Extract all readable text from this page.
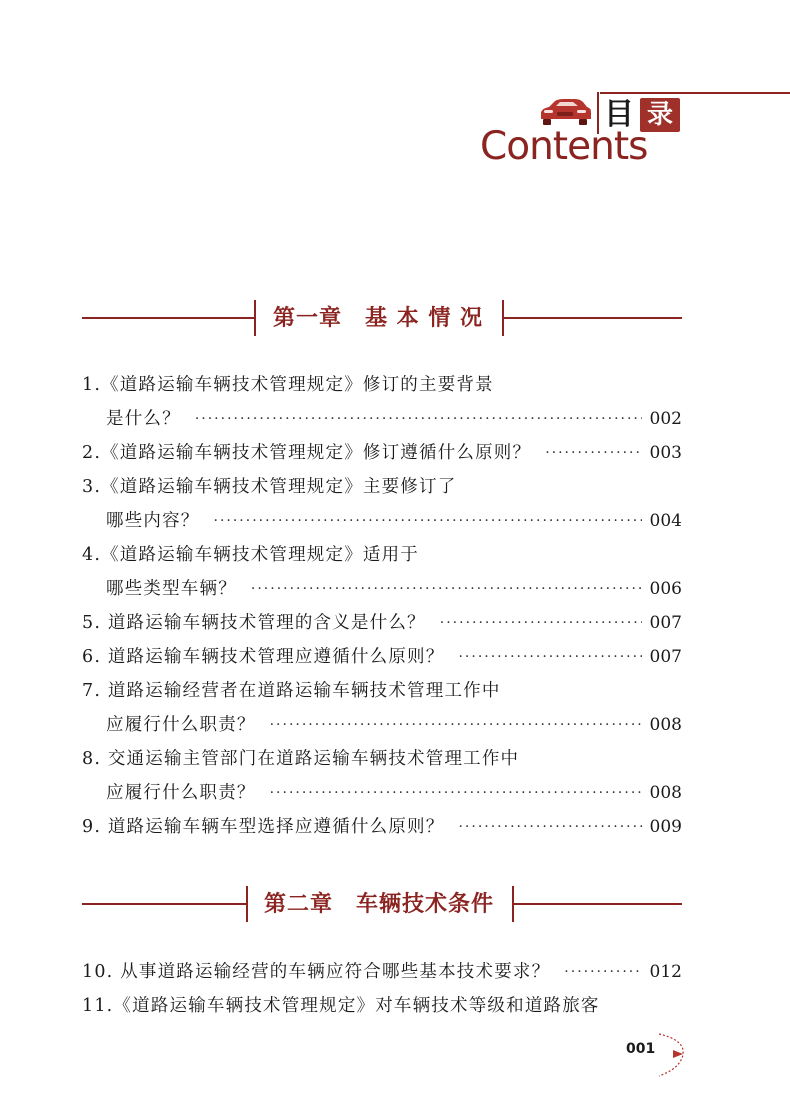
目 录
Contents
第一章　基 本 情 况
1.《道路运输车辆技术管理规定》修订的主要背景
是什么？ ·····	002
2.《道路运输车辆技术管理规定》修订遵循什么原则？ ·····	003
3.《道路运输车辆技术管理规定》主要修订了
哪些内容？ ·····	004
4.《道路运输车辆技术管理规定》适用于
哪些类型车辆？ ·····	006
5. 道路运输车辆技术管理的含义是什么？ ·····	007
6. 道路运输车辆技术管理应遵循什么原则？ ·····	007
7. 道路运输经营者在道路运输车辆技术管理工作中
应履行什么职责？ ·····	008
8. 交通运输主管部门在道路运输车辆技术管理工作中
应履行什么职责？ ·····	008
9. 道路运输车辆车型选择应遵循什么原则？ ·····	009
第二章　车辆技术条件
10. 从事道路运输经营的车辆应符合哪些基本技术要求？ ·····	012
11.《道路运输车辆技术管理规定》对车辆技术等级和道路旅客
001
